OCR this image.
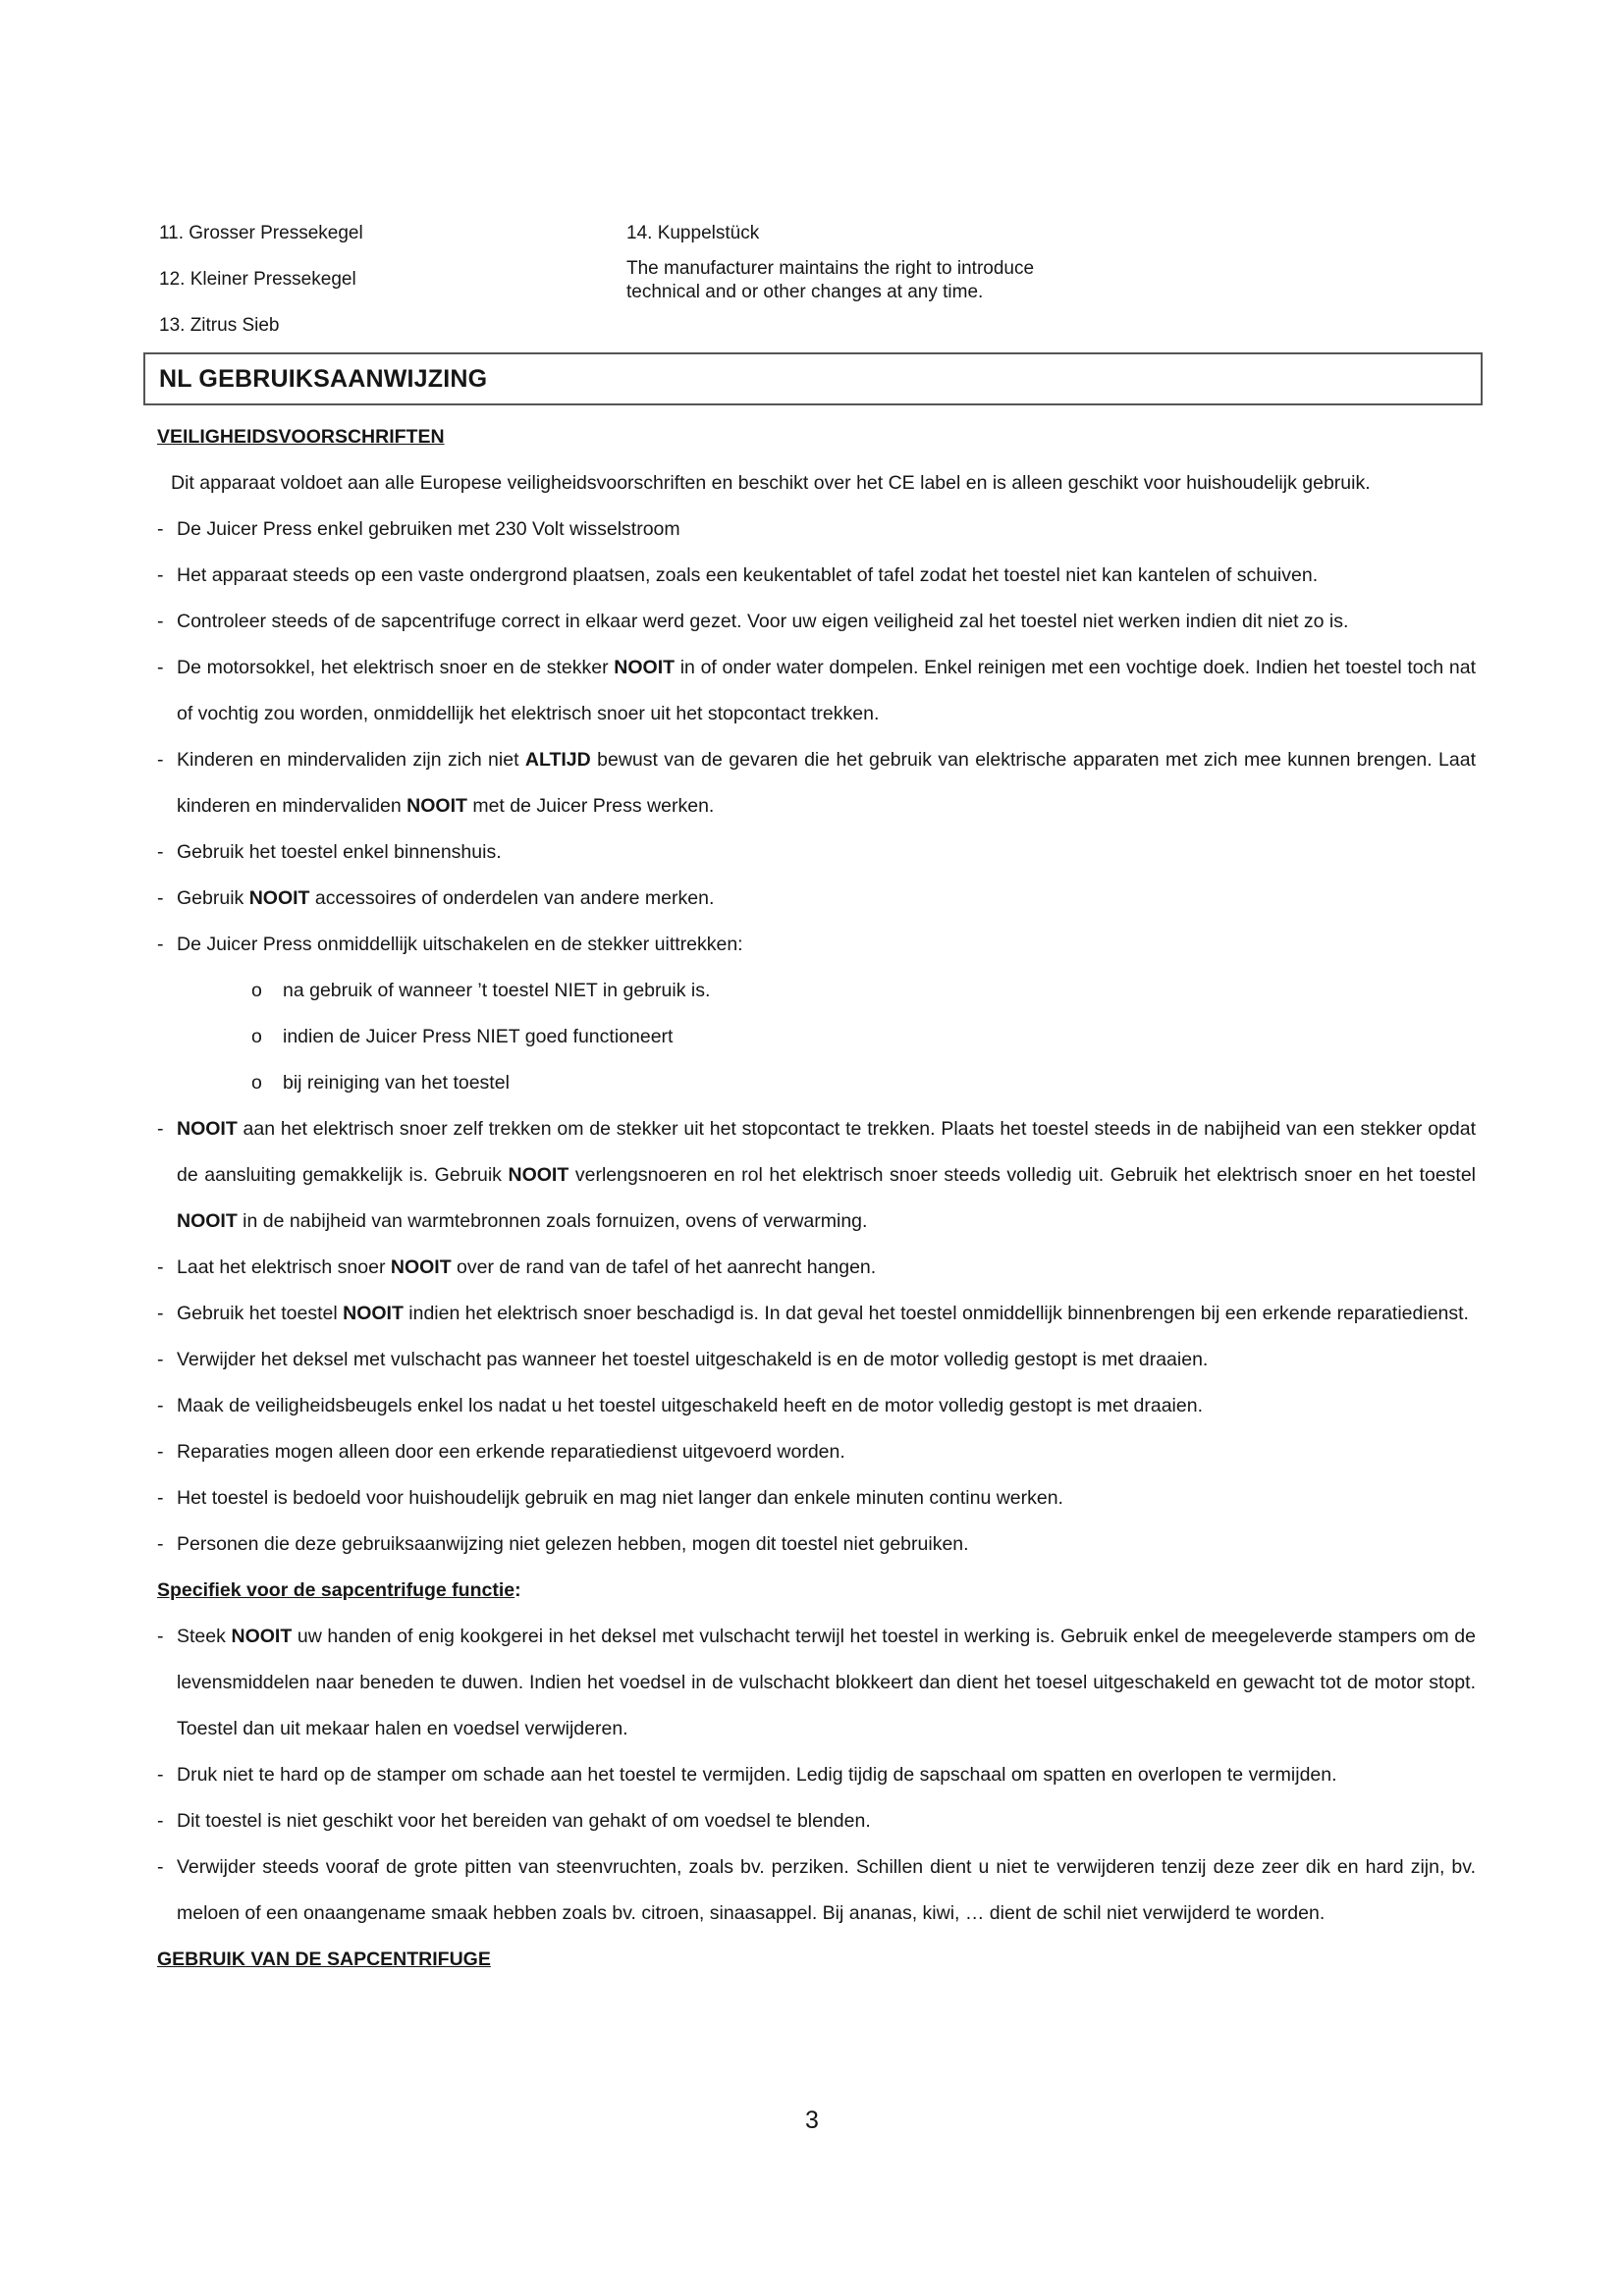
11. Grosser Pressekegel

12. Kleiner Pressekegel

13. Zitrus Sieb

14. Kuppelstück

The manufacturer maintains the right to introduce technical and or other changes at any time.

NL GEBRUIKSAANWIJZING

VEILIGHEIDSVOORSCHRIFTEN

Dit apparaat voldoet aan alle Europese veiligheidsvoorschriften en beschikt over het CE label en is alleen geschikt voor huishoudelijk gebruik.

- De Juicer Press enkel gebruiken met 230 Volt wisselstroom
- Het apparaat steeds op een vaste ondergrond plaatsen, zoals een keukentablet of tafel zodat het toestel niet kan kantelen of schuiven.
- Controleer steeds of de sapcentrifuge correct in elkaar werd gezet. Voor uw eigen veiligheid zal het toestel niet werken indien dit niet zo is.
- De motorsokkel, het elektrisch snoer en de stekker NOOIT in of onder water dompelen. Enkel reinigen met een vochtige doek. Indien het toestel toch nat of vochtig zou worden, onmiddellijk het elektrisch snoer uit het stopcontact trekken.
- Kinderen en mindervaliden zijn zich niet ALTIJD bewust van de gevaren die het gebruik van elektrische apparaten met zich mee kunnen brengen. Laat kinderen en mindervaliden NOOIT met de Juicer Press werken.
- Gebruik het toestel enkel binnenshuis.
- Gebruik NOOIT accessoires of onderdelen van andere merken.
- De Juicer Press onmiddellijk uitschakelen en de stekker uittrekken:
o	na gebruik of wanneer ’t toestel NIET in gebruik is.
o	indien de Juicer Press NIET goed functioneert
o	bij reiniging van het toestel
- NOOIT aan het elektrisch snoer zelf trekken om de stekker uit het stopcontact te trekken. Plaats het toestel steeds in de nabijheid van een stekker opdat de aansluiting gemakkelijk is. Gebruik NOOIT verlengsnoeren en rol het elektrisch snoer steeds volledig uit. Gebruik het elektrisch snoer en het toestel NOOIT in de nabijheid van warmtebronnen zoals fornuizen, ovens of verwarming.
- Laat het elektrisch snoer NOOIT over de rand van de tafel of het aanrecht hangen.
- Gebruik het toestel NOOIT indien het elektrisch snoer beschadigd is. In dat geval het toestel onmiddellijk binnenbrengen bij een erkende reparatiedienst.
- Verwijder het deksel met vulschacht pas wanneer het toestel uitgeschakeld is en de motor volledig gestopt is met draaien.
- Maak de veiligheidsbeugels enkel los nadat u het toestel uitgeschakeld heeft en de motor volledig gestopt is met draaien.
- Reparaties mogen alleen door een erkende reparatiedienst uitgevoerd worden.
- Het toestel is bedoeld voor huishoudelijk gebruik en mag niet langer dan enkele minuten continu werken.
- Personen die deze gebruiksaanwijzing niet gelezen hebben, mogen dit toestel niet gebruiken.

Specifiek voor de sapcentrifuge functie:

- Steek NOOIT uw handen of enig kookgerei in het deksel met vulschacht terwijl het toestel in werking is. Gebruik enkel de meegeleverde stampers om de levensmiddelen naar beneden te duwen. Indien het voedsel in de vulschacht blokkeert dan dient het toesel uitgeschakeld en gewacht tot de motor stopt. Toestel dan uit mekaar halen en voedsel verwijderen.
- Druk niet te hard op de stamper om schade aan het toestel te vermijden. Ledig tijdig de sapschaal om spatten en overlopen te vermijden.
- Dit toestel is niet geschikt voor het bereiden van gehakt of om voedsel te blenden.
- Verwijder steeds vooraf de grote pitten van steenvruchten, zoals bv. perziken. Schillen dient u niet te verwijderen tenzij deze zeer dik en hard zijn, bv. meloen of een onaangename smaak hebben zoals bv. citroen, sinaasappel. Bij ananas, kiwi, … dient de schil niet verwijderd te worden.

GEBRUIK VAN DE SAPCENTRIFUGE

3
